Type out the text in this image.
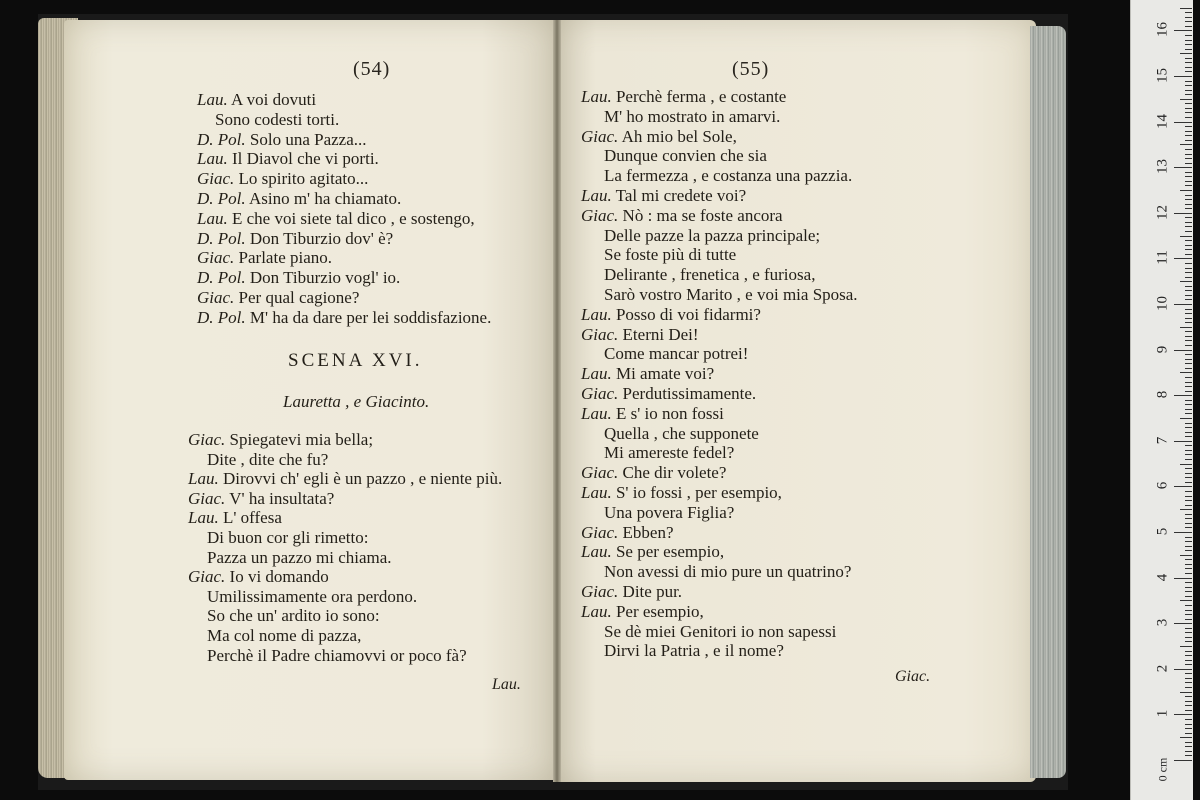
(54)	(55)
Lau. A voi dovuti
Sono codesti torti.
D. Pol. Solo una Pazza...
Lau. Il Diavol che vi porti.
Giac. Lo spirito agitato...
D. Pol. Asino m' ha chiamato.
Lau. E che voi siete tal dico , e sostengo,
D. Pol. Don Tiburzio dov' è?
Giac. Parlate piano.
D. Pol. Don Tiburzio vogl' io.
Giac. Per qual cagione?
D. Pol. M' ha da dare per lei soddisfazione.
SCENA XVI.
Lauretta , e Giacinto.
Giac. Spiegatevi mia bella;
Dite , dite che fu?
Lau. Dirovvi ch' egli è un pazzo , e niente più.
Giac. V' ha insultata?
Lau. L' offesa
Di buon cor gli rimetto:
Pazza un pazzo mi chiama.
Giac. Io vi domando
Umilissimamente ora perdono.
So che un' ardito io sono:
Ma col nome di pazza,
Perchè il Padre chiamovvi or poco fà?
Lau.
Lau. Perchè ferma , e costante
M' ho mostrato in amarvi.
Giac. Ah mio bel Sole,
Dunque convien che sia
La fermezza , e costanza una pazzia.
Lau. Tal mi credete voi?
Giac. Nò : ma se foste ancora
Delle pazze la pazza principale;
Se foste più di tutte
Delirante , frenetica , e furiosa,
Sarò vostro Marito , e voi mia Sposa.
Lau. Posso di voi fidarmi?
Giac. Eterni Dei!
Come mancar potrei!
Lau. Mi amate voi?
Giac. Perdutissimamente.
Lau. E s' io non fossi
Quella , che supponete
Mi amereste fedel?
Giac. Che dir volete?
Lau. S' io fossi , per esempio,
Una povera Figlia?
Giac. Ebben?
Lau. Se per esempio,
Non avessi di mio pure un quatrino?
Giac. Dite pur.
Lau. Per esempio,
Se dè miei Genitori io non sapessi
Dirvi la Patria , e il nome?
Giac.
1
2
3
4
5
6
7
8
9
10
11
12
13
14
15
16
0 cm
